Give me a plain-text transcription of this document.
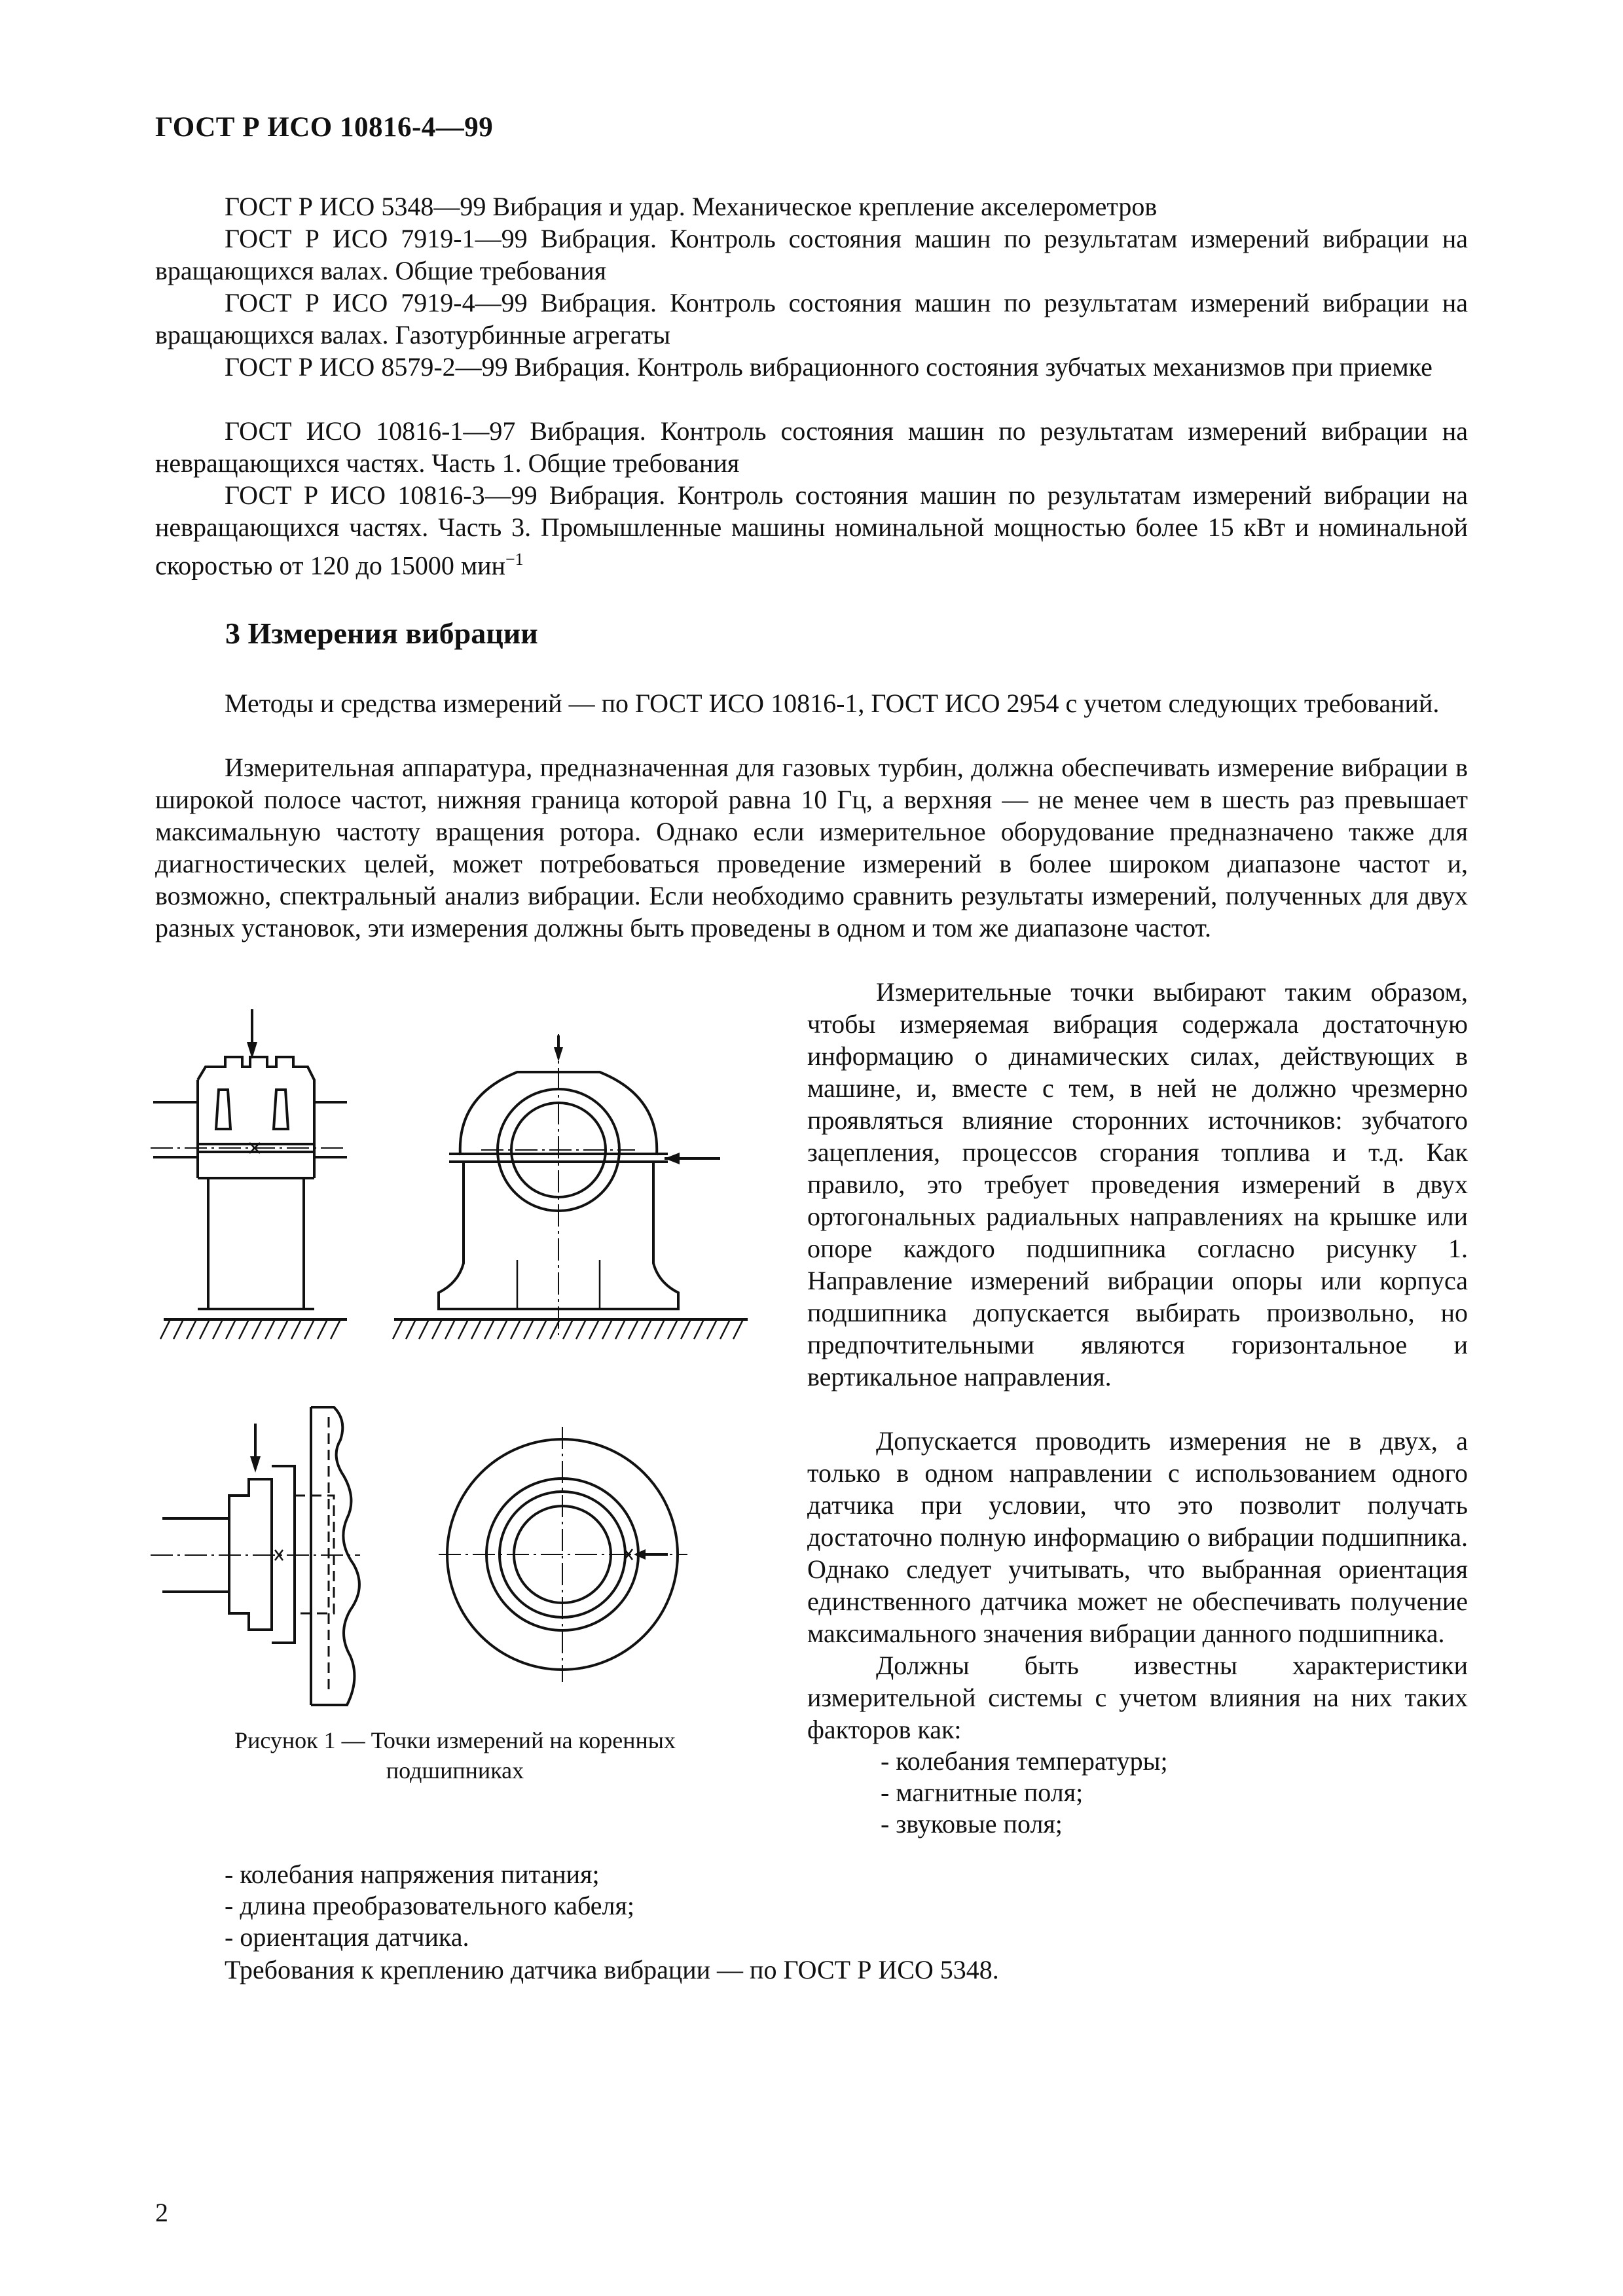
ГОСТ Р ИСО 10816-4—99
ГОСТ Р ИСО 5348—99 Вибрация и удар. Механическое крепление акселерометров
ГОСТ Р ИСО 7919-1—99 Вибрация. Контроль состояния машин по результатам измерений вибрации на вращающихся валах. Общие требования
ГОСТ Р ИСО 7919-4—99 Вибрация. Контроль состояния машин по результатам измерений вибрации на вращающихся валах. Газотурбинные агрегаты
ГОСТ Р ИСО 8579-2—99 Вибрация. Контроль вибрационного состояния зубчатых механизмов при приемке
ГОСТ ИСО 10816-1—97 Вибрация. Контроль состояния машин по результатам измерений вибрации на невращающихся частях. Часть 1. Общие требования
ГОСТ Р ИСО 10816-3—99 Вибрация. Контроль состояния машин по результатам измерений вибрации на невращающихся частях. Часть 3. Промышленные машины номинальной мощностью более 15 кВт и номинальной скоростью от 120 до 15000 мин$^{-1}$
3 Измерения вибрации
Методы и средства измерений — по ГОСТ ИСО 10816-1, ГОСТ ИСО 2954 с учетом следующих требований.
Измерительная аппаратура, предназначенная для газовых турбин, должна обеспечивать измерение вибрации в широкой полосе частот, нижняя граница которой равна 10 Гц, а верхняя — не менее чем в шесть раз превышает максимальную частоту вращения ротора. Однако если измерительное оборудование предназначено также для диагностических целей, может потребоваться проведение измерений в более широком диапазоне частот и, возможно, спектральный анализ вибрации. Если необходимо сравнить результаты измерений, полученных для двух разных установок, эти измерения должны быть проведены в одном и том же диапазоне частот.
Измерительные точки выбирают таким образом, чтобы измеряемая вибрация содержала достаточную информацию о динамических силах, действующих в машине, и, вместе с тем, в ней не должно чрезмерно проявляться влияние сторонних источников: зубчатого зацепления, процессов сгорания топлива и т.д. Как правило, это требует проведения измерений в двух ортогональных радиальных направлениях на крышке или опоре каждого подшипника согласно рисунку 1. Направление измерений вибрации опоры или корпуса подшипника допускается выбирать произвольно, но предпочтительными являются горизонтальное и вертикальное направления.
Допускается проводить измерения не в двух, а только в одном направлении с использованием одного датчика при условии, что это позволит получать достаточно полную информацию о вибрации подшипника. Однако следует учитывать, что выбранная ориентация единственного датчика может не обеспечивать получение максимального значения вибрации данного подшипника.
Должны быть известны характеристики измерительной системы с учетом влияния на них таких факторов как:
- колебания температуры;
- магнитные поля;
- звуковые поля;
- колебания напряжения питания;
- длина преобразовательного кабеля;
- ориентация датчика.
Требования к креплению датчика вибрации — по ГОСТ Р ИСО 5348.
Рисунок 1 — Точки измерений на коренных
подшипниках
2
